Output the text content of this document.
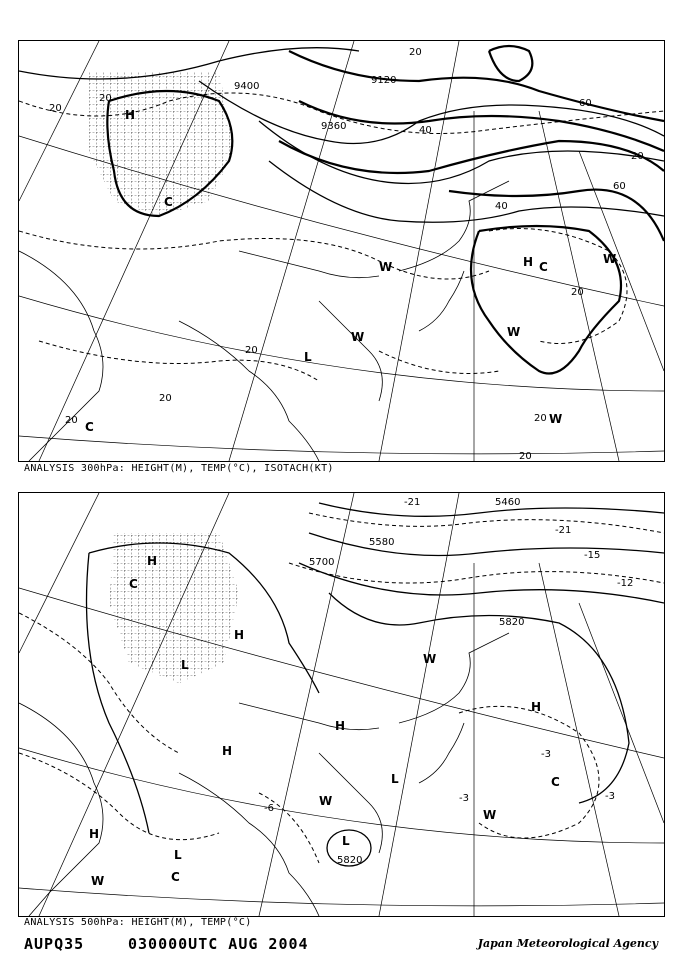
9400
9120
9360
20
20
40
60
20
40
60
20
20
20
20	20
20
20	H
C
H C
W
W
W
W
L
C
W
ANALYSIS 300hPa: HEIGHT(M), TEMP(°C), ISOTACH(KT)
5460
5580
5700
5820
5820
-21
-21
-15
-12
-6
-3
-3	-3
H
C
H
L
H
H
W
H
C
W
L
H
L
C
W
L
W
ANALYSIS 500hPa: HEIGHT(M), TEMP(°C)
AUPQ35	030000UTC AUG 2004	Japan Meteorological Agency
